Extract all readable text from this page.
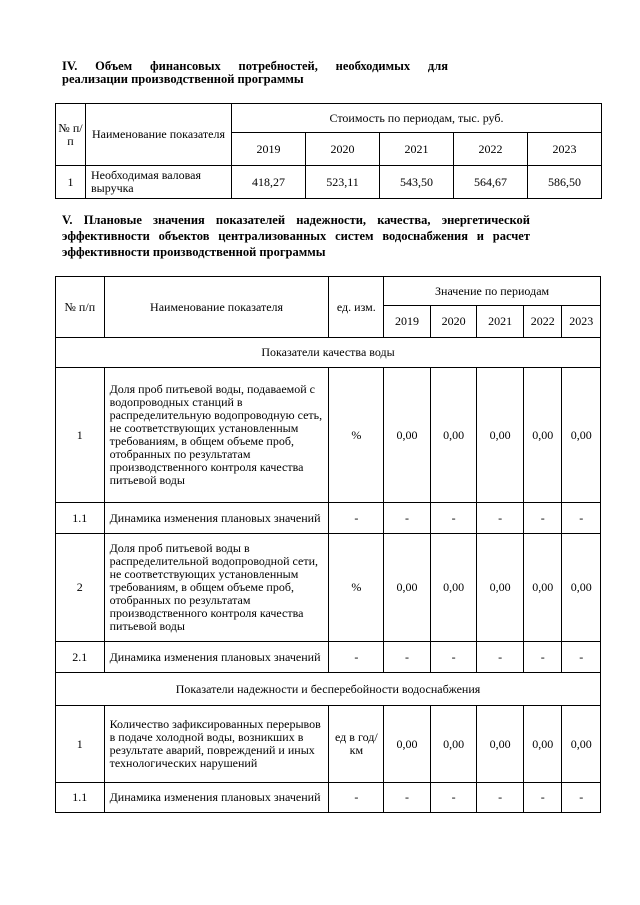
IV. Объем финансовых потребностей, необходимых для
реализации производственной программы
№ п/п	Наименование показателя	Стоимость по периодам, тыс. руб.				
		2019	2020	2021	2022	2023
1	Необходимая валовая выручка	418,27	523,11	543,50	564,67	586,50
V. Плановые значения показателей надежности, качества, энергетической
эффективности объектов централизованных систем водоснабжения и расчет
эффективности производственной программы
№ п/п	Наименование показателя	ед. изм.	Значение по периодам				
			2019	2020	2021	2022	2023
Показатели качества воды							
1	Доля проб питьевой воды, подаваемой с водопроводных станций в распределительную водопроводную сеть, не соответствующих установленным требованиям, в общем объеме проб, отобранных по результатам производственного контроля качества питьевой воды	%	0,00	0,00	0,00	0,00	0,00
1.1	Динамика изменения плановых значений	-	-	-	-	-	-
2	Доля проб питьевой воды в распределительной водопроводной сети, не соответствующих установленным требованиям, в общем объеме проб, отобранных по результатам производственного контроля качества питьевой воды	%	0,00	0,00	0,00	0,00	0,00
2.1	Динамика изменения плановых значений	-	-	-	-	-	-
Показатели надежности и бесперебойности водоснабжения							
1	Количество зафиксированных перерывов в подаче холодной воды, возникших в результате аварий, повреждений и иных технологических нарушений	ед в год/ км	0,00	0,00	0,00	0,00	0,00
1.1	Динамика изменения плановых значений	-	-	-	-	-	-
